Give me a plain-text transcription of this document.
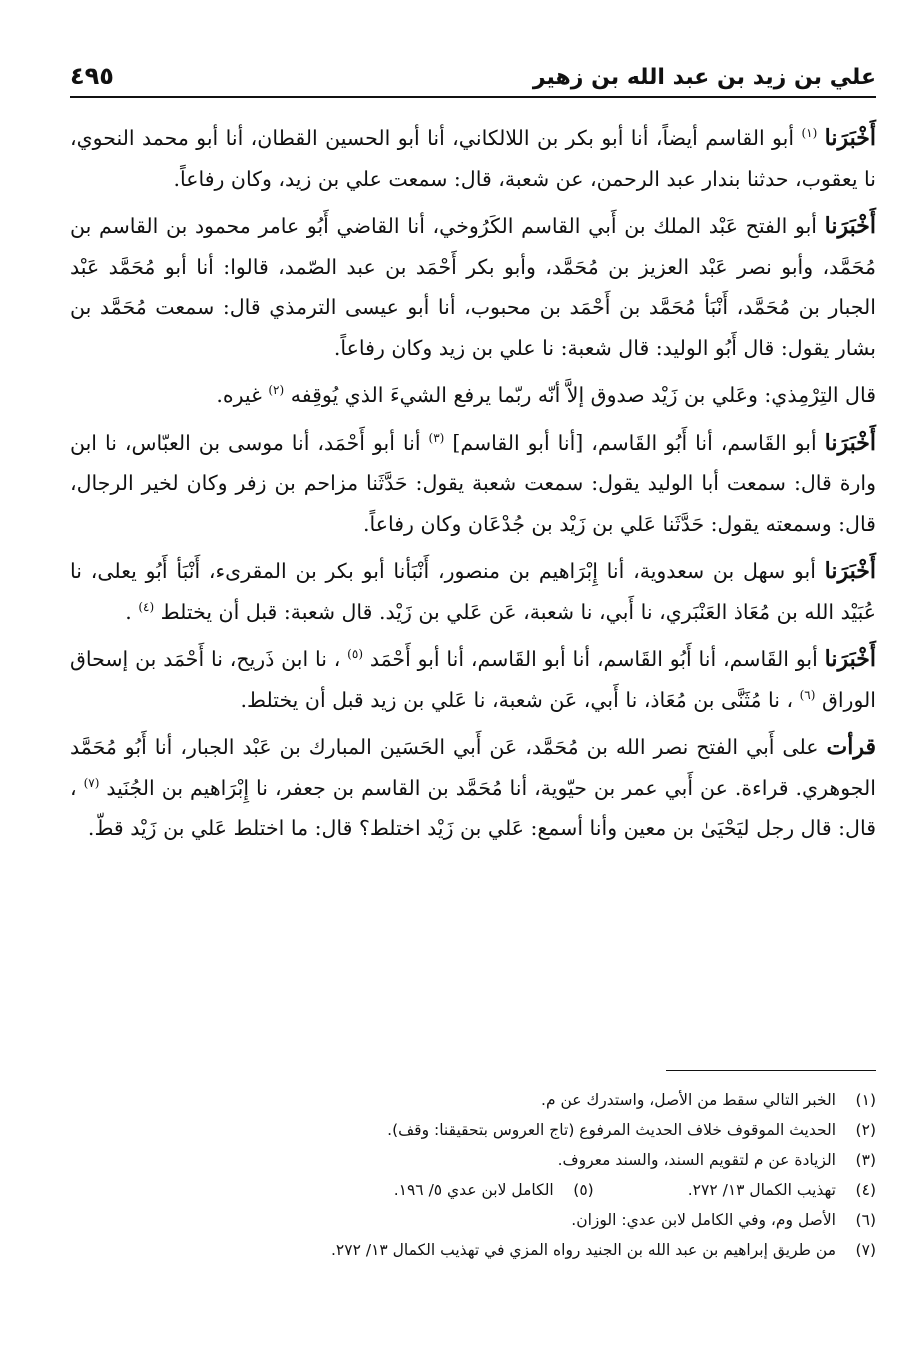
٤٩٥	علي بن زيد بن عبد الله بن زهير

أَخْبَرَنا $^{(١)}$ أبو القاسم أيضاً، أنا أبو بكر بن اللالكاني، أنا أبو الحسين القطان، أنا أبو محمد النحوي، نا يعقوب، حدثنا بندار عبد الرحمن، عن شعبة، قال: سمعت علي بن زيد، وكان رفاعاً.

أَخْبَرَنا أبو الفتح عَبْد الملك بن أَبي القاسم الكَرُوخي، أنا القاضي أَبُو عامر محمود بن القاسم بن مُحَمَّد، وأبو نصر عَبْد العزيز بن مُحَمَّد، وأبو بكر أَحْمَد بن عبد الصّمد، قالوا: أنا أبو مُحَمَّد عَبْد الجبار بن مُحَمَّد، أَنْبَأ مُحَمَّد بن أَحْمَد بن محبوب، أنا أبو عيسى الترمذي قال: سمعت مُحَمَّد بن بشار يقول: قال أَبُو الوليد: قال شعبة: نا علي بن زيد وكان رفاعاً.

قال التِرْمِذي: وعَلي بن زَيْد صدوق إلاَّ أنّه ربّما يرفع الشيءَ الذي يُوقِفه $^{(٢)}$ غيره.

أَخْبَرَنا أبو القَاسم، أنا أَبُو القَاسم، [أنا أبو القاسم] $^{(٣)}$ أنا أبو أَحْمَد، أنا موسى بن العبّاس، نا ابن وارة قال: سمعت أبا الوليد يقول: سمعت شعبة يقول: حَدَّثَنا مزاحم بن زفر وكان لخير الرجال، قال: وسمعته يقول: حَدَّثَنا عَلي بن زَيْد بن جُدْعَان وكان رفاعاً.

أَخْبَرَنا أبو سهل بن سعدوية، أنا إِبْرَاهيم بن منصور، أَنْبَأنا أبو بكر بن المقرىء، أَنْبَأ أَبُو يعلى، نا عُبَيْد الله بن مُعَاذ العَنْبَري، نا أَبي، نا شعبة، عَن عَلي بن زَيْد. قال شعبة: قبل أن يختلط $^{(٤)}$ .

أَخْبَرَنا أبو القَاسم، أنا أَبُو القَاسم، أنا أبو القَاسم، أنا أبو أَحْمَد $^{(٥)}$ ، نا ابن ذَريح، نا أَحْمَد بن إسحاق الوراق $^{(٦)}$ ، نا مُثَنَّى بن مُعَاذ، نا أَبي، عَن شعبة، نا عَلي بن زيد قبل أن يختلط.

قرأت على أَبي الفتح نصر الله بن مُحَمَّد، عَن أَبي الحَسَين المبارك بن عَبْد الجبار، أنا أَبُو مُحَمَّد الجوهري. قراءة. عن أَبي عمر بن حيّوية، أنا مُحَمَّد بن القاسم بن جعفر، نا إِبْرَاهيم بن الجُنَيد $^{(٧)}$ ، قال: قال رجل ليَحْيَىٰ بن معين وأنا أسمع: عَلي بن زَيْد اختلط؟ قال: ما اختلط عَلي بن زَيْد قطّ.

(١)
الخبر التالي سقط من الأصل، واستدرك عن م.
(٢)
الحديث الموقوف خلاف الحديث المرفوع (تاج العروس بتحقيقنا: وقف).
(٣)
الزيادة عن م لتقويم السند، والسند معروف.
(٤)
تهذيب الكمال ١٣/ ٢٧٢.
(٥)
الكامل لابن عدي ٥/ ١٩٦.
(٦)
الأصل وم، وفي الكامل لابن عدي: الوزان.
(٧)
من طريق إبراهيم بن عبد الله بن الجنيد رواه المزي في تهذيب الكمال ١٣/ ٢٧٢.
